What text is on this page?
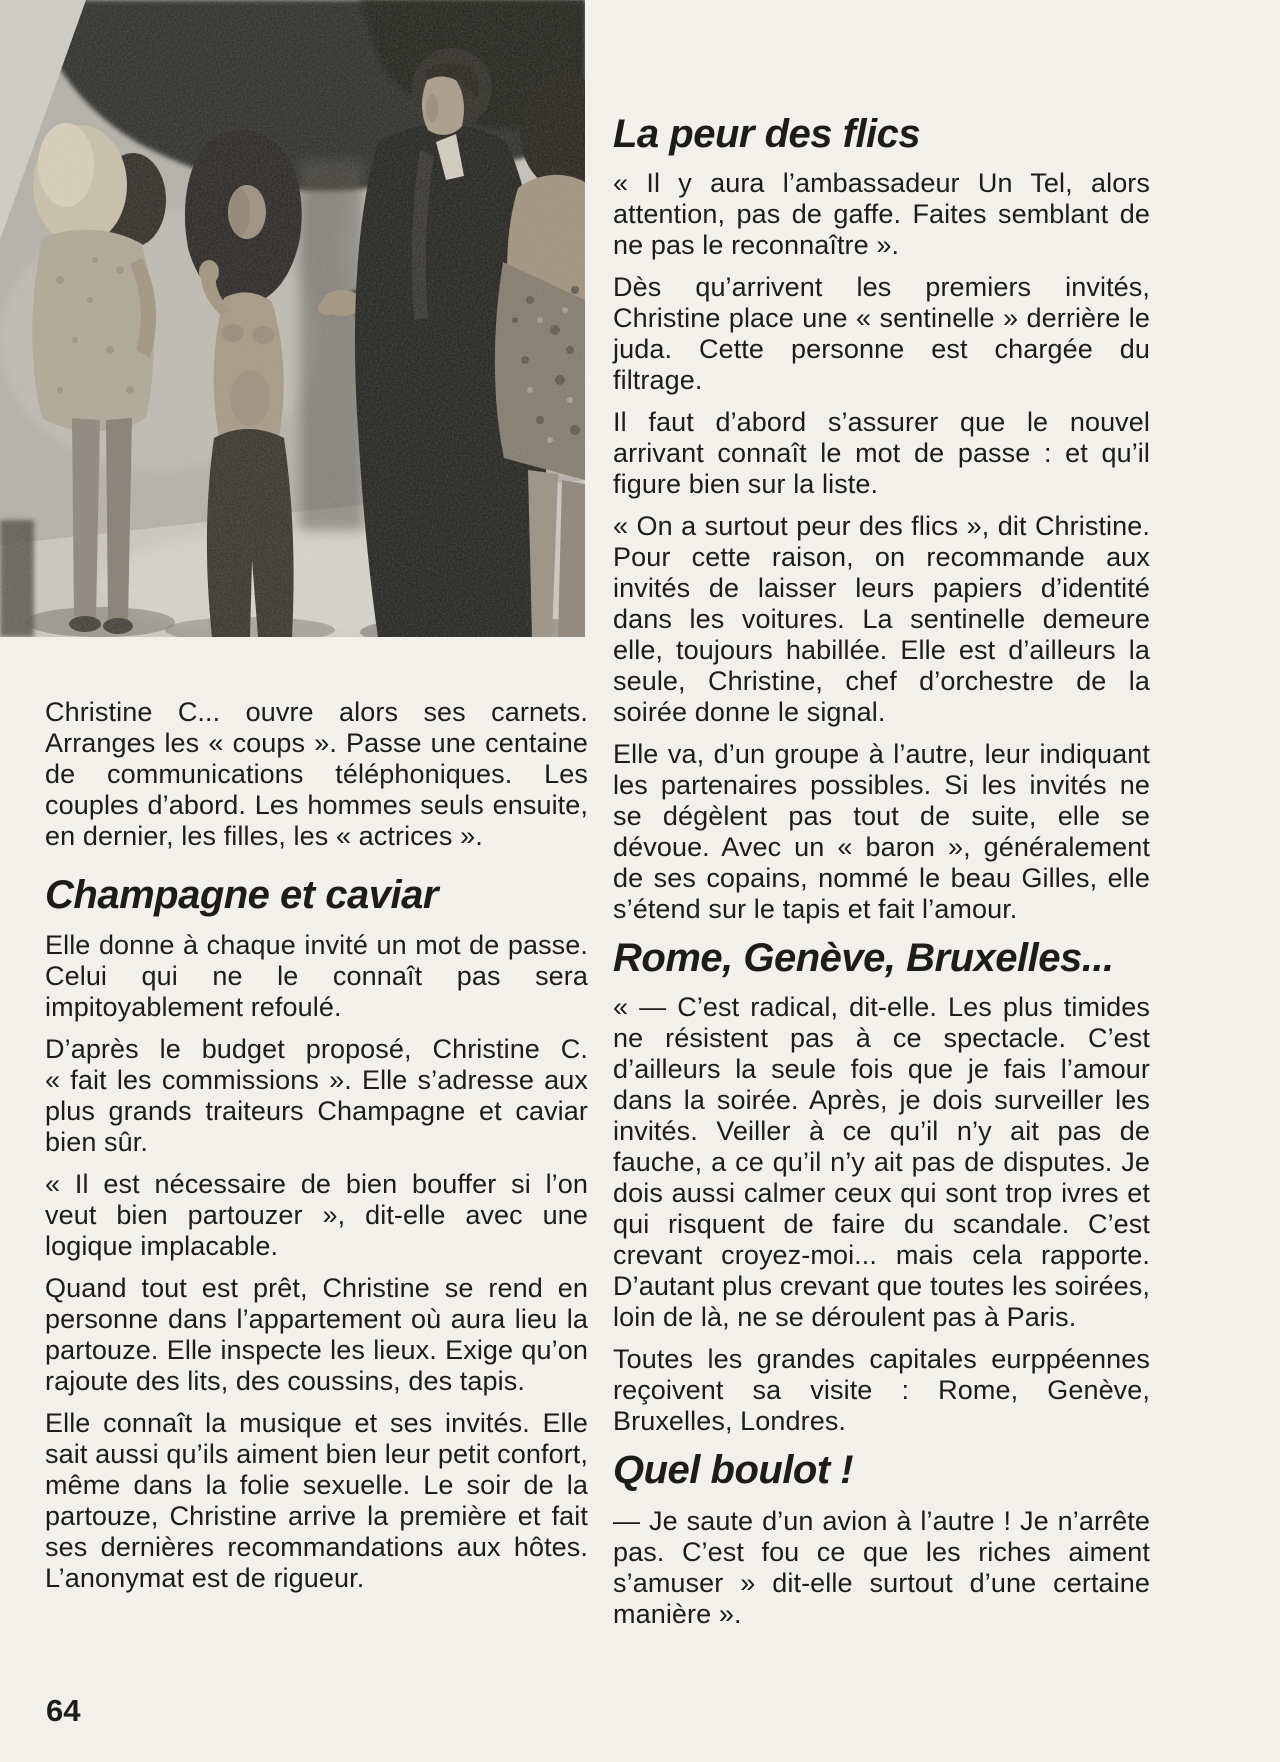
Christine C... ouvre alors ses carnets. Arranges les « coups ». Passe une centaine de communications téléphoniques. Les couples d’abord. Les hommes seuls ensuite, en dernier, les filles, les « actrices ».

Champagne et caviar

Elle donne à chaque invité un mot de passe. Celui qui ne le connaît pas sera impitoyablement refoulé.

D’après le budget proposé, Christine C. « fait les commissions ». Elle s’adresse aux plus grands traiteurs Champagne et caviar bien sûr.

« Il est nécessaire de bien bouffer si l’on veut bien partouzer », dit-elle avec une logique implacable.

Quand tout est prêt, Christine se rend en personne dans l’appartement où aura lieu la partouze. Elle inspecte les lieux. Exige qu’on rajoute des lits, des coussins, des tapis.

Elle connaît la musique et ses invités. Elle sait aussi qu’ils aiment bien leur petit confort, même dans la folie sexuelle. Le soir de la partouze, Christine arrive la première et fait ses dernières recommandations aux hôtes. L’anonymat est de rigueur.

La peur des flics

« Il y aura l’ambassadeur Un Tel, alors attention, pas de gaffe. Faites semblant de ne pas le reconnaître ».

Dès qu’arrivent les premiers invités, Christine place une « sentinelle » derrière le juda. Cette personne est chargée du filtrage.

Il faut d’abord s’assurer que le nouvel arrivant connaît le mot de passe : et qu’il figure bien sur la liste.

« On a surtout peur des flics », dit Christine. Pour cette raison, on recommande aux invités de laisser leurs papiers d’identité dans les voitures. La sentinelle demeure elle, toujours habillée. Elle est d’ailleurs la seule, Christine, chef d’orchestre de la soirée donne le signal.

Elle va, d’un groupe à l’autre, leur indiquant les partenaires possibles. Si les invités ne se dégèlent pas tout de suite, elle se dévoue. Avec un « baron », généralement de ses copains, nommé le beau Gilles, elle s’étend sur le tapis et fait l’amour.

Rome, Genève, Bruxelles...

« — C’est radical, dit-elle. Les plus timides ne résistent pas à ce spectacle. C’est d’ailleurs la seule fois que je fais l’amour dans la soirée. Après, je dois surveiller les invités. Veiller à ce qu’il n’y ait pas de fauche, a ce qu’il n’y ait pas de disputes. Je dois aussi calmer ceux qui sont trop ivres et qui risquent de faire du scandale. C’est crevant croyez-moi... mais cela rapporte. D’autant plus crevant que toutes les soirées, loin de là, ne se déroulent pas à Paris.

Toutes les grandes capitales eurppéennes reçoivent sa visite : Rome, Genève, Bruxelles, Londres.

Quel boulot !

— Je saute d’un avion à l’autre ! Je n’arrête pas. C’est fou ce que les riches aiment s’amuser » dit-elle surtout d’une certaine manière ».

64
